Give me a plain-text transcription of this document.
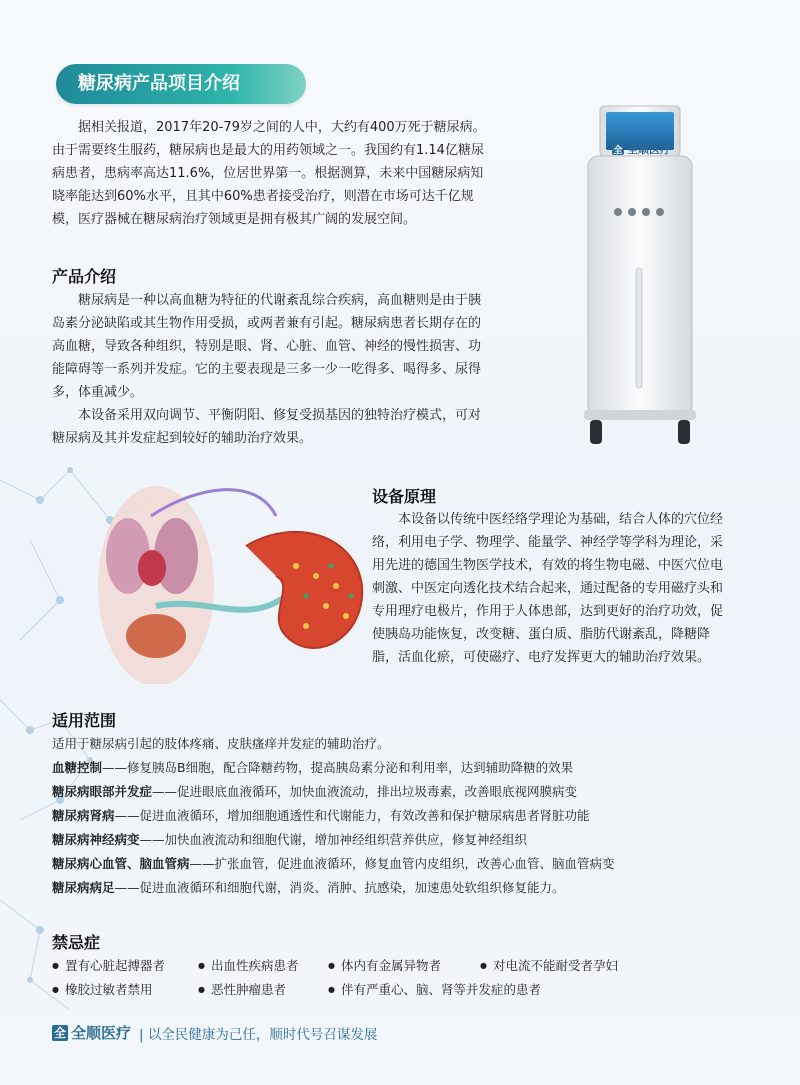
糖尿病产品项目介绍
据相关报道，2017年20-79岁之间的人中，大约有400万死于糖尿病。
由于需要终生服药，糖尿病也是最大的用药领域之一。我国约有1.14亿糖尿
病患者，患病率高达11.6%，位居世界第一。根据测算，未来中国糖尿病知
晓率能达到60%水平，且其中60%患者接受治疗，则潜在市场可达千亿规
模，医疗器械在糖尿病治疗领域更是拥有极其广阔的发展空间。
产品介绍
糖尿病是一种以高血糖为特征的代谢紊乱综合疾病，高血糖则是由于胰
岛素分泌缺陷或其生物作用受损，或两者兼有引起。糖尿病患者长期存在的
高血糖，导致各种组织，特别是眼、肾、心脏、血管、神经的慢性损害、功
能障碍等一系列并发症。它的主要表现是三多一少一吃得多、喝得多、尿得
多，体重减少。
本设备采用双向调节、平衡阴阳、修复受损基因的独特治疗模式，可对
糖尿病及其并发症起到较好的辅助治疗效果。
全 全顺医疗
设备原理
本设备以传统中医经络学理论为基础，结合人体的穴位经
络，利用电子学、物理学、能量学、神经学等学科为理论，采
用先进的德国生物医学技术，有效的将生物电磁、中医穴位电
刺激、中医定向透化技术结合起来，通过配备的专用磁疗头和
专用理疗电极片，作用于人体患部，达到更好的治疗功效，促
使胰岛功能恢复，改变糖、蛋白质、脂肪代谢紊乱，降糖降
脂，活血化瘀，可使磁疗、电疗发挥更大的辅助治疗效果。
适用范围
适用于糖尿病引起的肢体疼痛、皮肤瘙痒并发症的辅助治疗。
血糖控制——修复胰岛B细胞，配合降糖药物，提高胰岛素分泌和利用率，达到辅助降糖的效果
糖尿病眼部并发症——促进眼底血液循环，加快血液流动，排出垃圾毒素，改善眼底视网膜病变
糖尿病肾病——促进血液循环，增加细胞通透性和代谢能力，有效改善和保护糖尿病患者肾脏功能
糖尿病神经病变——加快血液流动和细胞代谢，增加神经组织营养供应，修复神经组织
糖尿病心血管、脑血管病——扩张血管，促进血液循环，修复血管内皮组织，改善心血管、脑血管病变
糖尿病病足——促进血液循环和细胞代谢，消炎、消肿、抗感染，加速患处软组织修复能力。
禁忌症
● 置有心脏起搏器者	● 出血性疾病患者	● 体内有金属异物者	● 对电流不能耐受者孕妇
● 橡胶过敏者禁用	● 恶性肿瘤患者	● 伴有严重心、脑、肾等并发症的患者
全 全顺医疗 | 以全民健康为己任，顺时代号召谋发展
